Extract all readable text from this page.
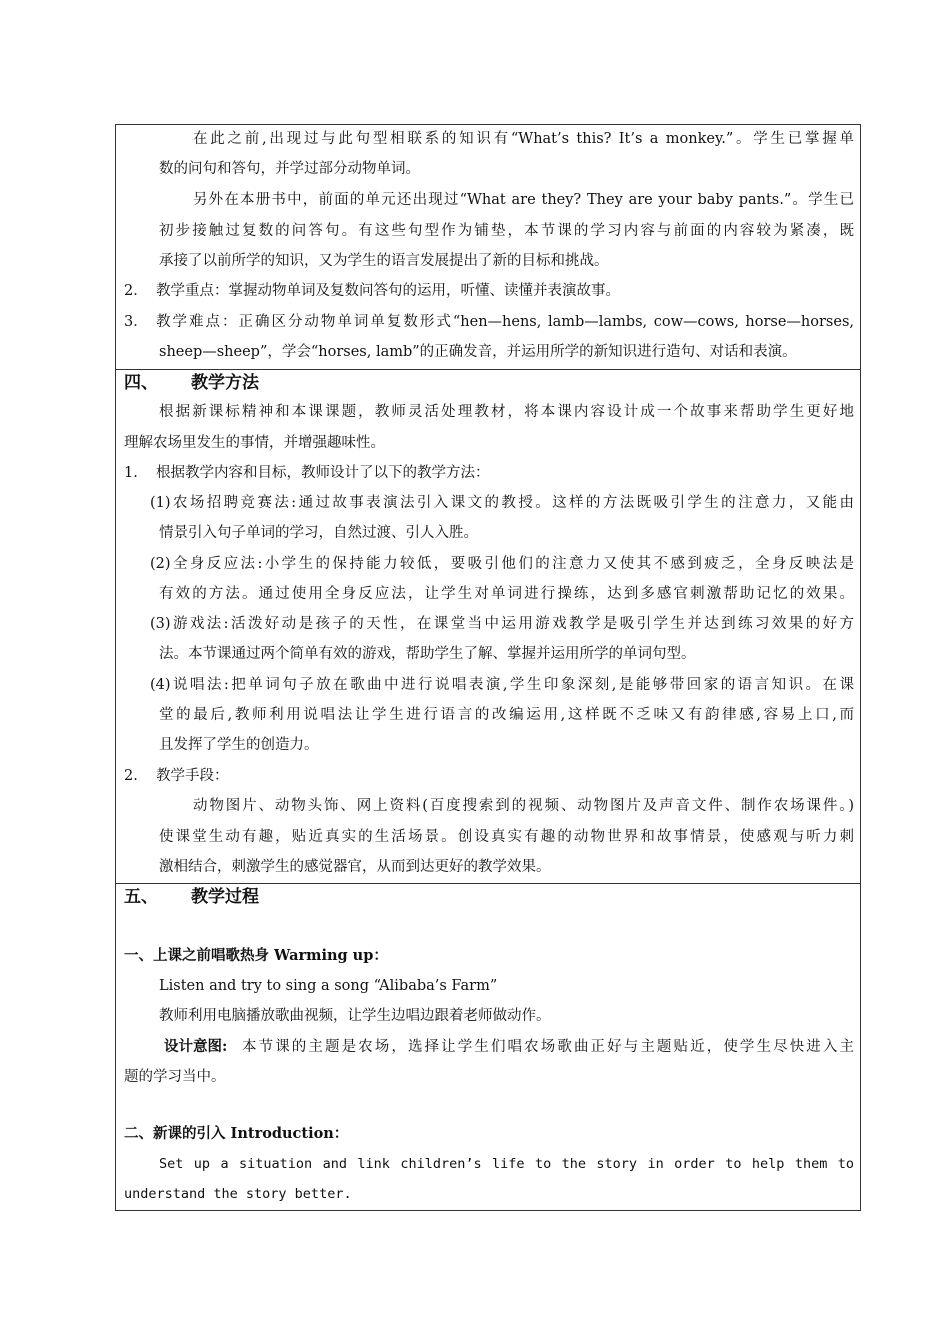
在此之前,出现过与此句型相联系的知识有“What’s this? It’s a monkey.”。学生已掌握单
数的问句和答句，并学过部分动物单词。
另外在本册书中，前面的单元还出现过“What are they? They are your baby pants.”。学生已
初步接触过复数的问答句。有这些句型作为铺垫，本节课的学习内容与前面的内容较为紧凑，既
承接了以前所学的知识，又为学生的语言发展提出了新的目标和挑战。
2． 教学重点：掌握动物单词及复数问答句的运用，听懂、读懂并表演故事。
3． 教学难点：正确区分动物单词单复数形式“hen—hens, lamb—lambs, cow—cows, horse—horses,
sheep—sheep”，学会“horses, lamb”的正确发音，并运用所学的新知识进行造句、对话和表演。

四、 教学方法
根据新课标精神和本课课题，教师灵活处理教材，将本课内容设计成一个故事来帮助学生更好地
理解农场里发生的事情，并增强趣味性。
1. 根据教学内容和目标，教师设计了以下的教学方法：
(1)农场招聘竞赛法:通过故事表演法引入课文的教授。这样的方法既吸引学生的注意力，又能由
情景引入句子单词的学习，自然过渡、引人入胜。
(2)全身反应法:小学生的保持能力较低，要吸引他们的注意力又使其不感到疲乏，全身反映法是
有效的方法。通过使用全身反应法，让学生对单词进行操练，达到多感官刺激帮助记忆的效果。
(3)游戏法:活泼好动是孩子的天性，在课堂当中运用游戏教学是吸引学生并达到练习效果的好方
法。本节课通过两个简单有效的游戏，帮助学生了解、掌握并运用所学的单词句型。
(4)说唱法:把单词句子放在歌曲中进行说唱表演,学生印象深刻,是能够带回家的语言知识。在课
堂的最后,教师利用说唱法让学生进行语言的改编运用,这样既不乏味又有韵律感,容易上口,而
且发挥了学生的创造力。
2. 教学手段：
动物图片、动物头饰、网上资料(百度搜索到的视频、动物图片及声音文件、制作农场课件。)
使课堂生动有趣，贴近真实的生活场景。创设真实有趣的动物世界和故事情景，使感观与听力刺
激相结合，刺激学生的感觉器官，从而到达更好的教学效果。

五、 教学过程
一、上课之前唱歌热身 Warming up：
Listen and try to sing a song “Alibaba’s Farm”
教师利用电脑播放歌曲视频，让学生边唱边跟着老师做动作。
设计意图: 本节课的主题是农场，选择让学生们唱农场歌曲正好与主题贴近，使学生尽快进入主
题的学习当中。
二、新课的引入 Introduction：
Set up a situation and link children’s life to the story in order to help them to
understand the story better.
